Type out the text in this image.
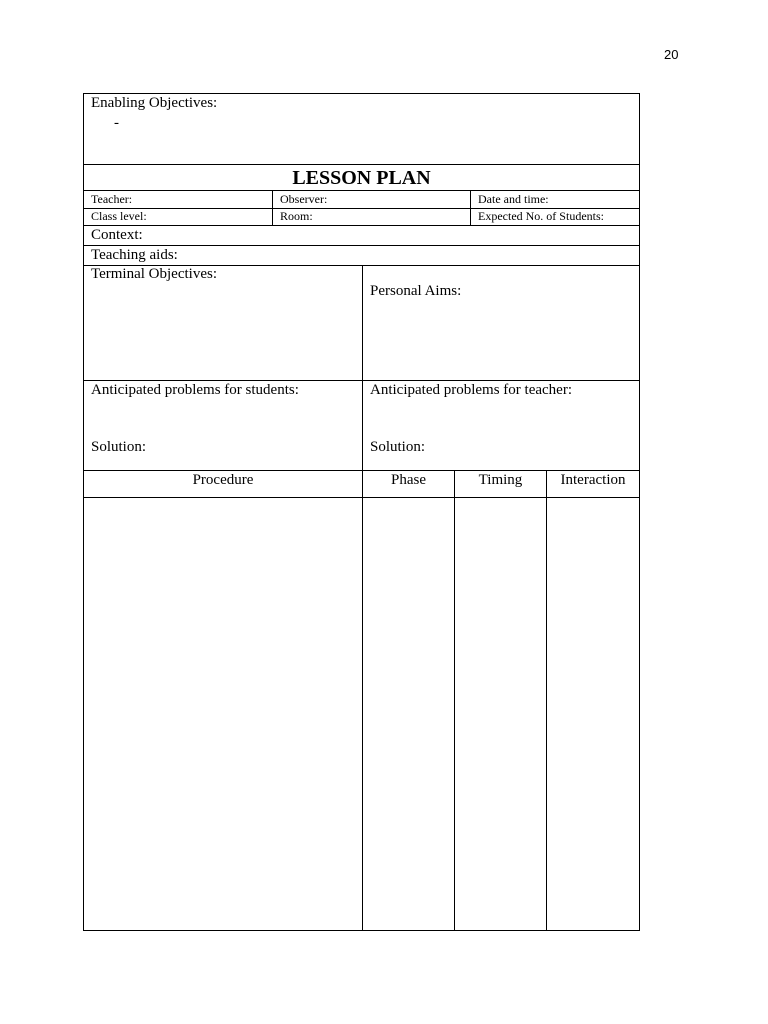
20
Enabling Objectives:
-
LESSON PLAN
Teacher:	Observer:	Date and time:
Class level:	Room:	Expected No. of Students:
Context:
Teaching aids:
Terminal Objectives:
Personal Aims:
Anticipated problems for students:
Solution:
Anticipated problems for teacher:
Solution:
Procedure	Phase	Timing	Interaction
